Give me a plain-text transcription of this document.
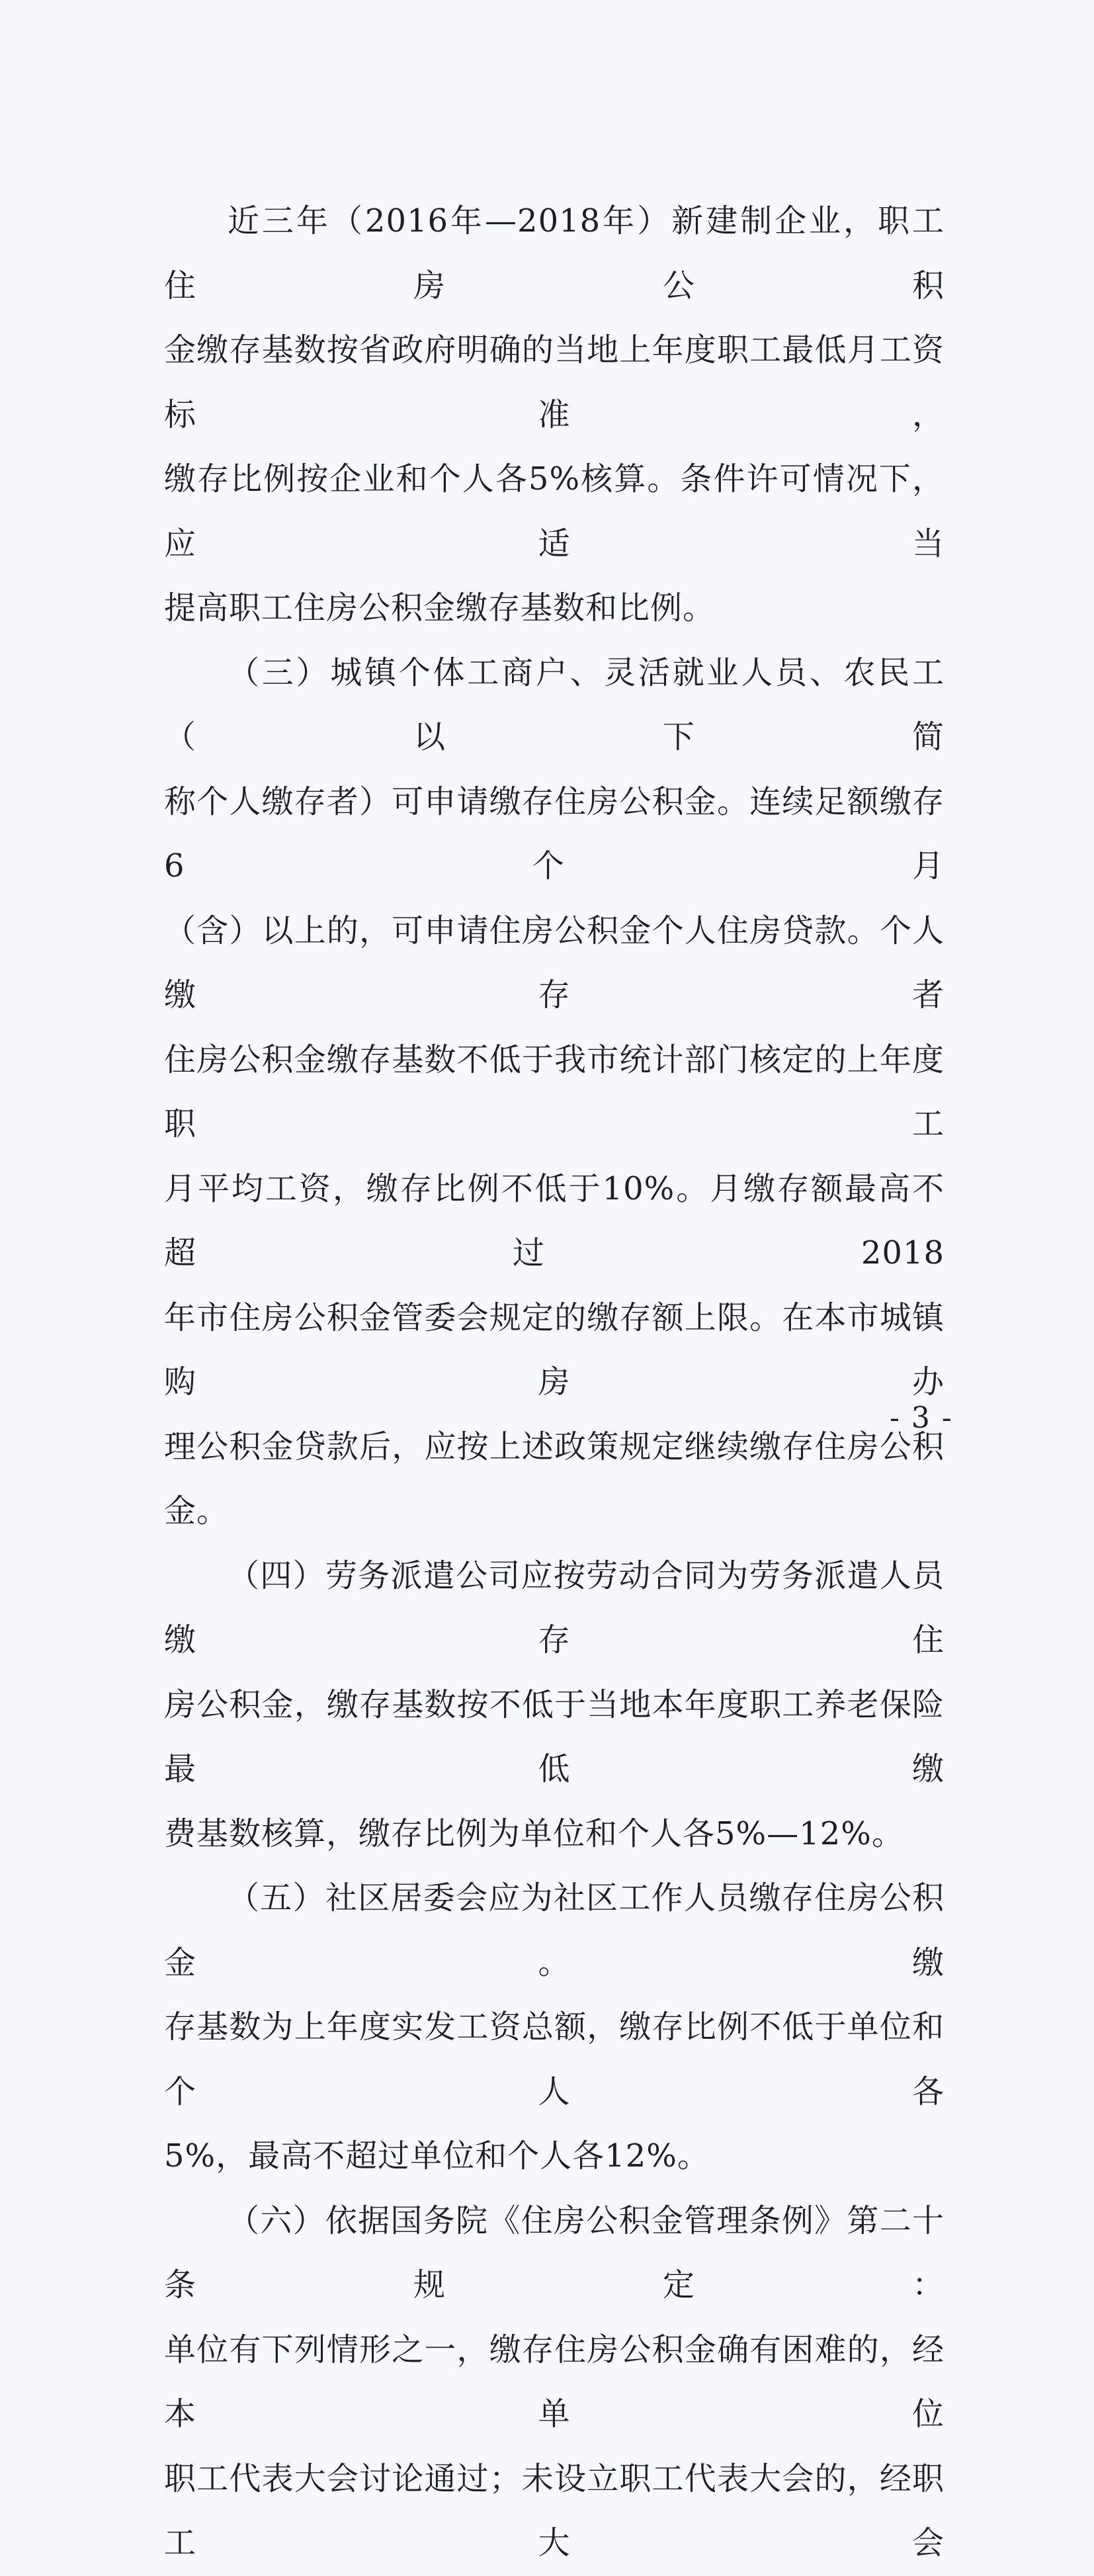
近三年（2016年—2018年）新建制企业，职工住房公积

金缴存基数按省政府明确的当地上年度职工最低月工资标准，

缴存比例按企业和个人各5%核算。条件许可情况下，应适当

提高职工住房公积金缴存基数和比例。

（三）城镇个体工商户、灵活就业人员、农民工（以下简

称个人缴存者）可申请缴存住房公积金。连续足额缴存6个月

（含）以上的，可申请住房公积金个人住房贷款。个人缴存者

住房公积金缴存基数不低于我市统计部门核定的上年度职工

月平均工资，缴存比例不低于10%。月缴存额最高不超过2018

年市住房公积金管委会规定的缴存额上限。在本市城镇购房办

理公积金贷款后，应按上述政策规定继续缴存住房公积金。

（四）劳务派遣公司应按劳动合同为劳务派遣人员缴存住

房公积金，缴存基数按不低于当地本年度职工养老保险最低缴

费基数核算，缴存比例为单位和个人各5%—12%。

（五）社区居委会应为社区工作人员缴存住房公积金。缴

存基数为上年度实发工资总额，缴存比例不低于单位和个人各

5%，最高不超过单位和个人各12%。

（六）依据国务院《住房公积金管理条例》第二十条规定：

单位有下列情形之一，缴存住房公积金确有困难的，经本单位

职工代表大会讨论通过；未设立职工代表大会的，经职工大会

- 3 -
